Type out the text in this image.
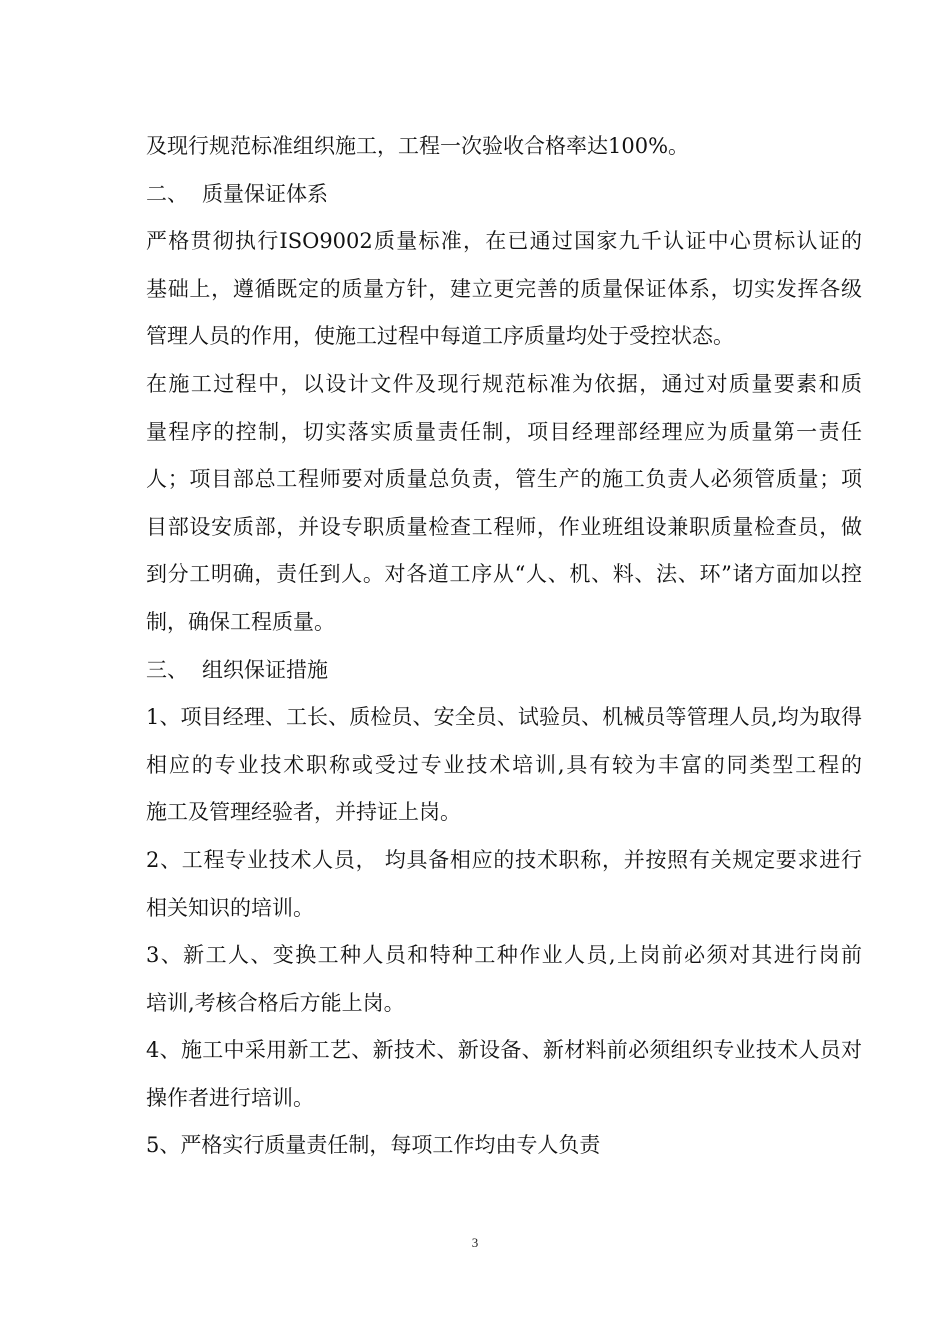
及现行规范标准组织施工，工程一次验收合格率达100%。
二、 质量保证体系
严格贯彻执行ISO9002质量标准，在已通过国家九千认证中心贯标认证的
基础上，遵循既定的质量方针，建立更完善的质量保证体系，切实发挥各级
管理人员的作用，使施工过程中每道工序质量均处于受控状态。
在施工过程中，以设计文件及现行规范标准为依据，通过对质量要素和质
量程序的控制，切实落实质量责任制，项目经理部经理应为质量第一责任
人；项目部总工程师要对质量总负责，管生产的施工负责人必须管质量；项
目部设安质部，并设专职质量检查工程师，作业班组设兼职质量检查员，做
到分工明确，责任到人。对各道工序从“人、机、料、法、环”诸方面加以控
制，确保工程质量。
三、 组织保证措施
1、项目经理、工长、质检员、安全员、试验员、机械员等管理人员,均为取得
相应的专业技术职称或受过专业技术培训,具有较为丰富的同类型工程的
施工及管理经验者，并持证上岗。
2、工程专业技术人员， 均具备相应的技术职称，并按照有关规定要求进行
相关知识的培训。
3、新工人、变换工种人员和特种工种作业人员,上岗前必须对其进行岗前
培训,考核合格后方能上岗。
4、施工中采用新工艺、新技术、新设备、新材料前必须组织专业技术人员对
操作者进行培训。
5、严格实行质量责任制，每项工作均由专人负责
3
